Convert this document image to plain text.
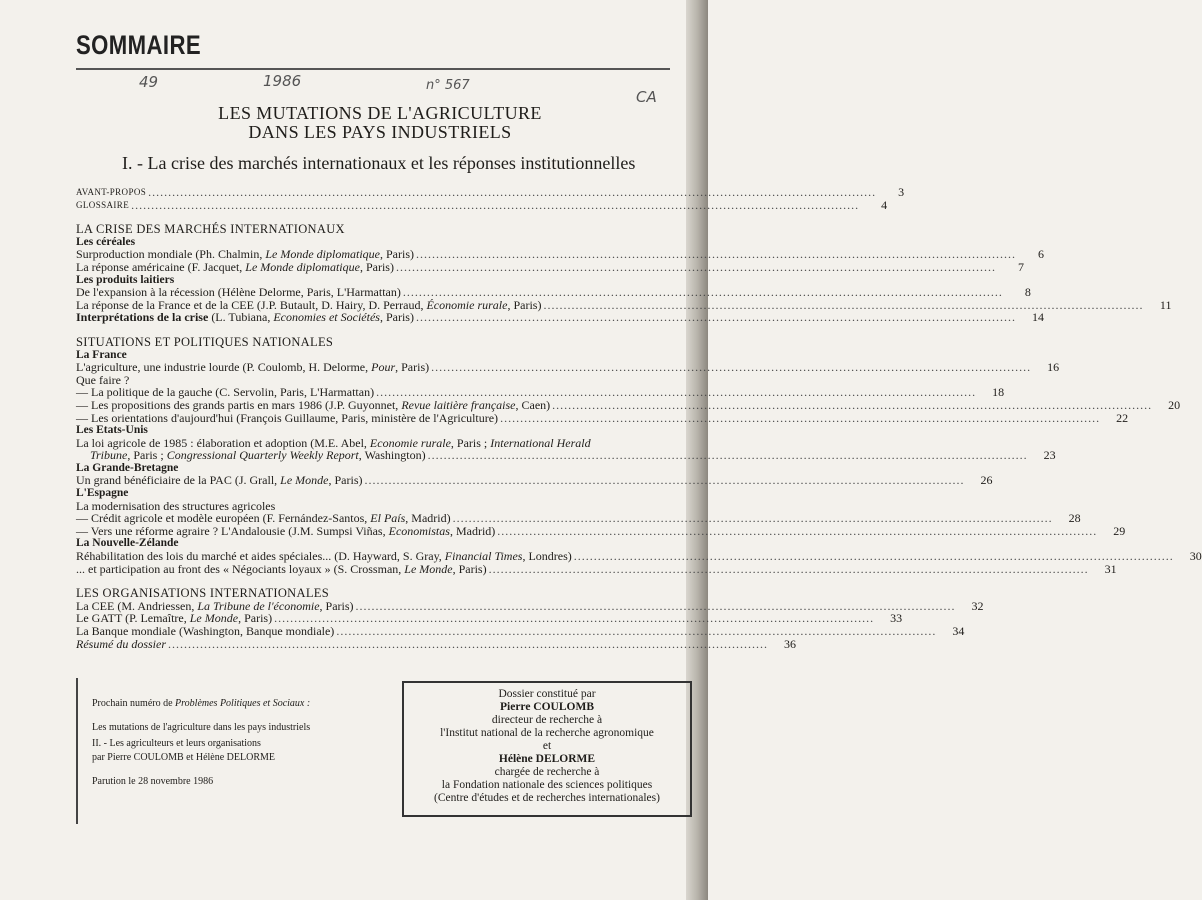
SOMMAIRE
49	1986	n° 567
CA
LES MUTATIONS DE L'AGRICULTURE
DANS LES PAYS INDUSTRIELS
I. - La crise des marchés internationaux et les réponses institutionnelles
AVANT-PROPOS ......................................................................................................................................................................................	3
GLOSSAIRE ......................................................................................................................................................................................	4
LA CRISE DES MARCHÉS INTERNATIONAUX
Les céréales
Surproduction mondiale (Ph. Chalmin, Le Monde diplomatique, Paris) ......................................................................................................................................................	6
La réponse américaine (F. Jacquet, Le Monde diplomatique, Paris) ......................................................................................................................................................	7
Les produits laitiers
De l'expansion à la récession (Hélène Delorme, Paris, L'Harmattan) ......................................................................................................................................................	8
La réponse de la France et de la CEE (J.P. Butault, D. Hairy, D. Perraud, Économie rurale, Paris) ......................................................................................................................................................	11
Interprétations de la crise (L. Tubiana, Economies et Sociétés, Paris) ......................................................................................................................................................	14
SITUATIONS ET POLITIQUES NATIONALES
La France
L'agriculture, une industrie lourde (P. Coulomb, H. Delorme, Pour, Paris) ......................................................................................................................................................	16
Que faire ?
— La politique de la gauche (C. Servolin, Paris, L'Harmattan) ......................................................................................................................................................	18
— Les propositions des grands partis en mars 1986 (J.P. Guyonnet, Revue laitière française, Caen) ......................................................................................................................................................	20
— Les orientations d'aujourd'hui (François Guillaume, Paris, ministère de l'Agriculture) ......................................................................................................................................................	22
Les Etats-Unis
La loi agricole de 1985 : élaboration et adoption (M.E. Abel, Economie rurale, Paris ; International Herald
Tribune, Paris ; Congressional Quarterly Weekly Report, Washington) ......................................................................................................................................................	23
La Grande-Bretagne
Un grand bénéficiaire de la PAC (J. Grall, Le Monde, Paris) ......................................................................................................................................................	26
L'Espagne
La modernisation des structures agricoles
— Crédit agricole et modèle européen (F. Fernández-Santos, El País, Madrid) ......................................................................................................................................................	28
— Vers une réforme agraire ? L'Andalousie (J.M. Sumpsi Viñas, Economistas, Madrid) ......................................................................................................................................................	29
La Nouvelle-Zélande
Réhabilitation des lois du marché et aides spéciales... (D. Hayward, S. Gray, Financial Times, Londres) ......................................................................................................................................................	30
... et participation au front des « Négociants loyaux » (S. Crossman, Le Monde, Paris) ......................................................................................................................................................	31
LES ORGANISATIONS INTERNATIONALES
La CEE (M. Andriessen, La Tribune de l'économie, Paris) ......................................................................................................................................................	32
Le GATT (P. Lemaître, Le Monde, Paris) ......................................................................................................................................................	33
La Banque mondiale (Washington, Banque mondiale) ......................................................................................................................................................	34
Résumé du dossier ......................................................................................................................................................	36

Prochain numéro de Problèmes Politiques et Sociaux :

Les mutations de l'agriculture dans les pays industriels

II. - Les agriculteurs et leurs organisations

par Pierre COULOMB et Hélène DELORME

Parution le 28 novembre 1986

Dossier constitué par
Pierre COULOMB
directeur de recherche à
l'Institut national de la recherche agronomique
et
Hélène DELORME
chargée de recherche à
la Fondation nationale des sciences politiques
(Centre d'études et de recherches internationales)
